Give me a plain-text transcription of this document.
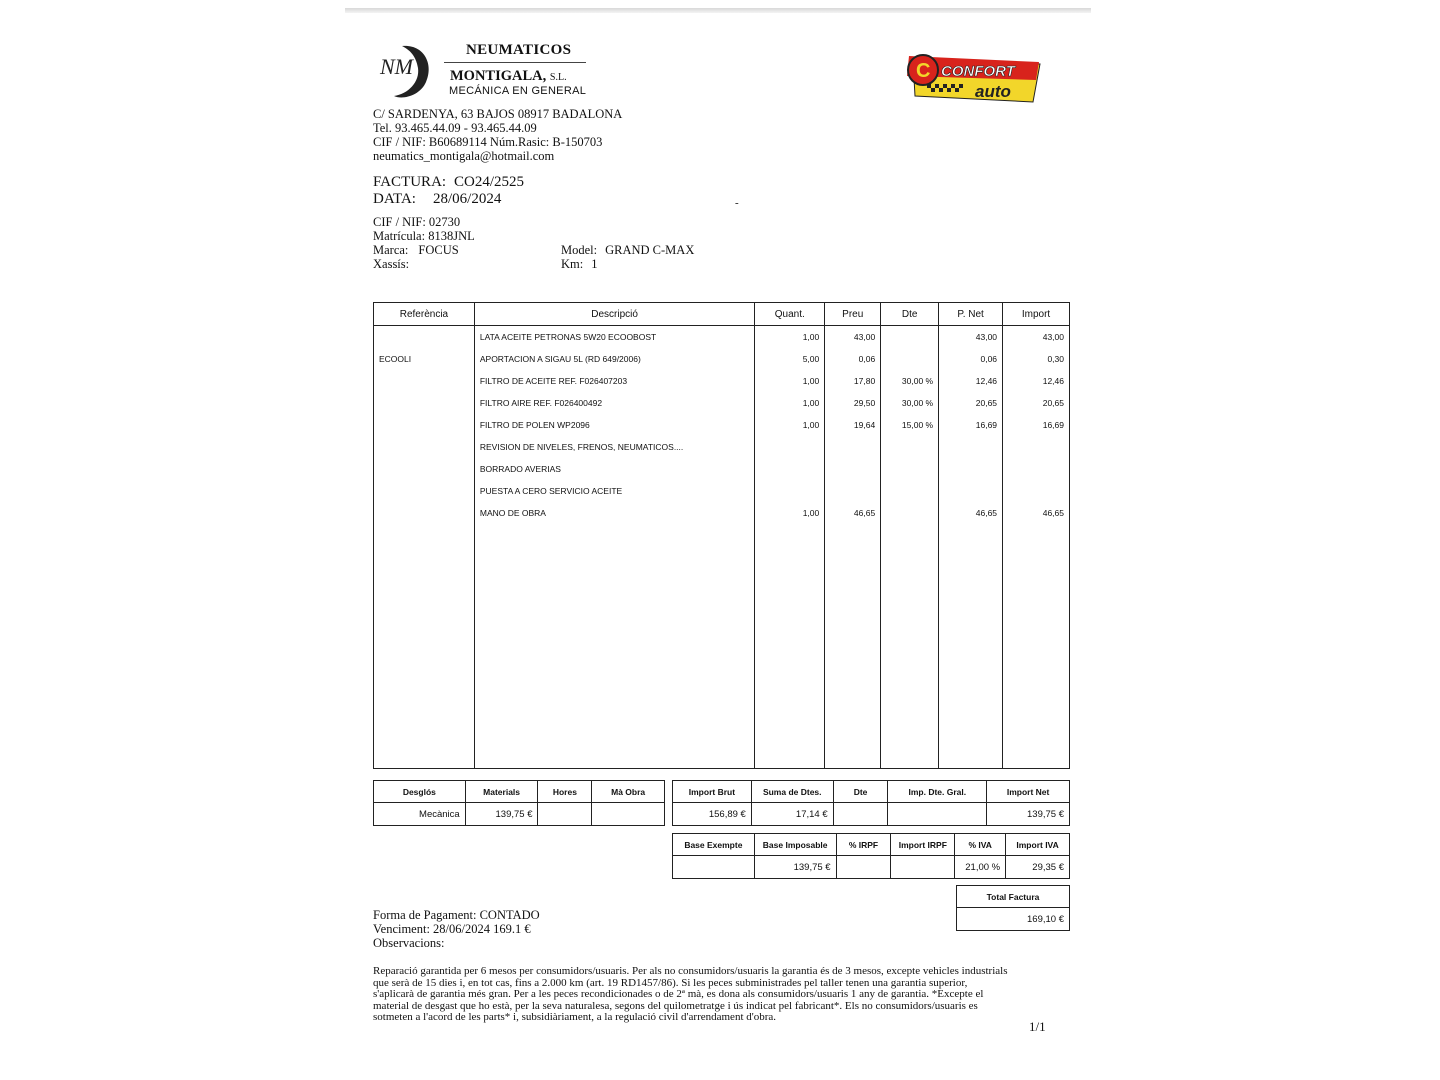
NM
NEUMATICOS
MONTIGALA, S.L.
MECÁNICA EN GENERAL
C CONFORT
auto
C/ SARDENYA, 63 BAJOS 08917 BADALONA
Tel. 93.465.44.09 - 93.465.44.09
CIF / NIF: B60689114 Núm.Rasic: B-150703
neumatics_montigala@hotmail.com
FACTURA: CO24/2525
DATA: 28/06/2024	-
CIF / NIF: 02730
Matrícula: 8138JNL
Marca: FOCUS
Xassís:
Model: GRAND C-MAX
Km: 1
Referència	Descripció	Quant.	Preu	Dte	P. Net	Import
	LATA ACEITE PETRONAS 5W20 ECOOBOST	1,00	43,00		43,00	43,00
ECOOLI	APORTACION A SIGAU 5L (RD 649/2006)	5,00	0,06		0,06	0,30
	FILTRO DE ACEITE REF. F026407203	1,00	17,80	30,00 %	12,46	12,46
	FILTRO AIRE REF. F026400492	1,00	29,50	30,00 %	20,65	20,65
	FILTRO DE POLEN WP2096	1,00	19,64	15,00 %	16,69	16,69
	REVISION DE NIVELES, FRENOS, NEUMATICOS....					
	BORRADO AVERIAS					
	PUESTA A CERO SERVICIO ACEITE					
	MANO DE OBRA	1,00	46,65		46,65	46,65

Desglós	Materials	Hores	Mà Obra
Mecànica	139,75 €		
Import Brut	Suma de Dtes.	Dte	Imp. Dte. Gral.	Import Net
156,89 €	17,14 €			139,75 €
Base Exempte	Base Imposable	% IRPF	Import IRPF	% IVA	Import IVA
	139,75 €			21,00 %	29,35 €
Total Factura
169,10 €
Forma de Pagament: CONTADO
Venciment: 28/06/2024 169.1 €
Observacions:
Reparació garantida per 6 mesos per consumidors/usuaris. Per als no consumidors/usuaris la garantia és de 3 mesos, excepte vehicles industrials
que serà de 15 dies i, en tot cas, fins a 2.000 km (art. 19 RD1457/86). Si les peces subministrades pel taller tenen una garantia superior,
s'aplicarà de garantia més gran. Per a les peces recondicionades o de 2ª mà, es dona als consumidors/usuaris 1 any de garantia. *Excepte el
material de desgast que ho està, per la seva naturalesa, segons del quilometratge i ús indicat pel fabricant*. Els no consumidors/usuaris es
sotmeten a l'acord de les parts* i, subsidiàriament, a la regulació civil d'arrendament d'obra.
1/1
